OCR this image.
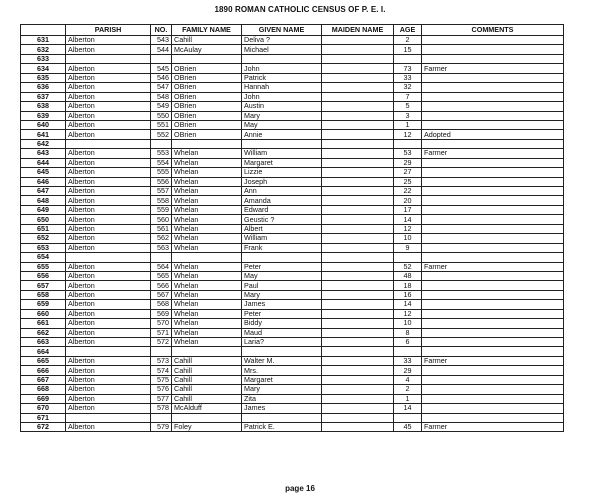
1890 ROMAN CATHOLIC CENSUS OF P. E. I.
	PARISH	NO.	FAMILY NAME	GIVEN NAME	MAIDEN NAME	AGE	COMMENTS
631	Alberton	543	Cahill	Deliva ?		2	
632	Alberton	544	McAulay	Michael		15	
633							
634	Alberton	545	OBrien	John		73	Farmer
635	Alberton	546	OBrien	Patrick		33	
636	Alberton	547	OBrien	Hannah		32	
637	Alberton	548	OBrien	John		7	
638	Alberton	549	OBrien	Austin		5	
639	Alberton	550	OBrien	Mary		3	
640	Alberton	551	OBrien	May		1	
641	Alberton	552	OBrien	Annie		12	Adopted
642							
643	Alberton	553	Whelan	William		53	Farmer
644	Alberton	554	Whelan	Margaret		29	
645	Alberton	555	Whelan	Lizzie		27	
646	Alberton	556	Whelan	Joseph		25	
647	Alberton	557	Whelan	Ann		22	
648	Alberton	558	Whelan	Amanda		20	
649	Alberton	559	Whelan	Edward		17	
650	Alberton	560	Whelan	Geustic ?		14	
651	Alberton	561	Whelan	Albert		12	
652	Alberton	562	Whelan	William		10	
653	Alberton	563	Whelan	Frank		9	
654							
655	Alberton	564	Whelan	Peter		52	Farmer
656	Alberton	565	Whelan	May		48	
657	Alberton	566	Whelan	Paul		18	
658	Alberton	567	Whelan	Mary		16	
659	Alberton	568	Whelan	James		14	
660	Alberton	569	Whelan	Peter		12	
661	Alberton	570	Whelan	Biddy		10	
662	Alberton	571	Whelan	Maud		8	
663	Alberton	572	Whelan	Laria?		6	
664							
665	Alberton	573	Cahill	Walter M.		33	Farmer
666	Alberton	574	Cahill	Mrs.		29	
667	Alberton	575	Cahill	Margaret		4	
668	Alberton	576	Cahill	Mary		2	
669	Alberton	577	Cahill	Zita		1	
670	Alberton	578	McAlduff	James		14	
671							
672	Alberton	579	Foley	Patrick E.		45	Farmer
page 16
